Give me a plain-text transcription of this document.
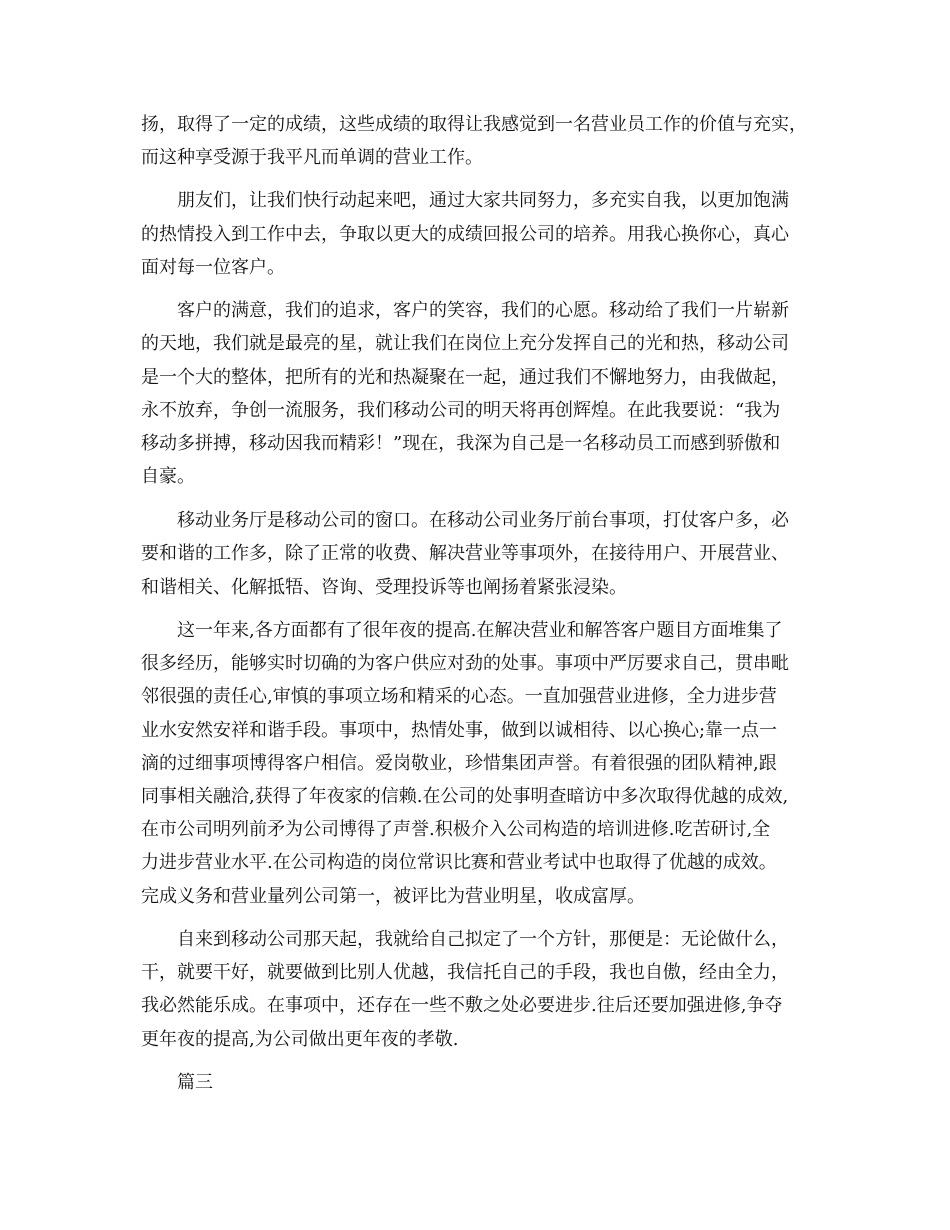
扬，取得了一定的成绩，这些成绩的取得让我感觉到一名营业员工作的价值与充实，
而这种享受源于我平凡而单调的营业工作。
朋友们，让我们快行动起来吧，通过大家共同努力，多充实自我，以更加饱满
的热情投入到工作中去，争取以更大的成绩回报公司的培养。用我心换你心，真心
面对每一位客户。
客户的满意，我们的追求，客户的笑容，我们的心愿。移动给了我们一片崭新
的天地，我们就是最亮的星，就让我们在岗位上充分发挥自己的光和热，移动公司
是一个大的整体，把所有的光和热凝聚在一起，通过我们不懈地努力，由我做起，
永不放弃，争创一流服务，我们移动公司的明天将再创辉煌。在此我要说：“我为
移动多拼搏，移动因我而精彩！”现在，我深为自己是一名移动员工而感到骄傲和
自豪。
移动业务厅是移动公司的窗口。在移动公司业务厅前台事项，打仗客户多，必
要和谐的工作多，除了正常的收费、解决营业等事项外，在接待用户、开展营业、
和谐相关、化解抵牾、咨询、受理投诉等也阐扬着紧张浸染。
这一年来,各方面都有了很年夜的提高.在解决营业和解答客户题目方面堆集了
很多经历，能够实时切确的为客户供应对劲的处事。事项中严厉要求自己，贯串毗
邻很强的责任心,审慎的事项立场和精采的心态。一直加强营业进修，全力进步营
业水安然安祥和谐手段。事项中，热情处事，做到以诚相待、以心换心;靠一点一
滴的过细事项博得客户相信。爱岗敬业，珍惜集团声誉。有着很强的团队精神,跟
同事相关融洽,获得了年夜家的信赖.在公司的处事明查暗访中多次取得优越的成效,
在市公司明列前矛为公司博得了声誉.积极介入公司构造的培训进修.吃苦研讨,全
力进步营业水平.在公司构造的岗位常识比赛和营业考试中也取得了优越的成效。
完成义务和营业量列公司第一，被评比为营业明星，收成富厚。
自来到移动公司那天起，我就给自己拟定了一个方针，那便是：无论做什么，
干，就要干好，就要做到比别人优越，我信托自己的手段，我也自傲，经由全力，
我必然能乐成。在事项中，还存在一些不敷之处必要进步.往后还要加强进修,争夺
更年夜的提高,为公司做出更年夜的孝敬.
篇三
